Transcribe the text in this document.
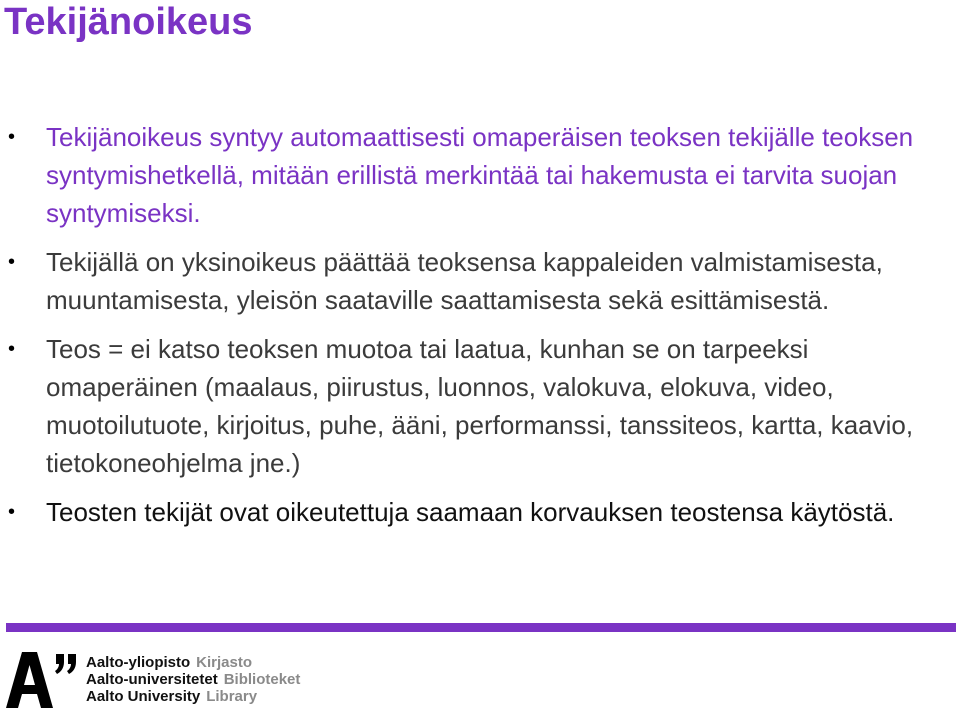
Tekijänoikeus
• Tekijänoikeus syntyy automaattisesti omaperäisen teoksen tekijälle teoksen syntymishetkellä, mitään erillistä merkintää tai hakemusta ei tarvita suojan syntymiseksi.
• Tekijällä on yksinoikeus päättää teoksensa kappaleiden valmistamisesta, muuntamisesta, yleisön saataville saattamisesta sekä esittämisestä.
• Teos = ei katso teoksen muotoa tai laatua, kunhan se on tarpeeksi omaperäinen (maalaus, piirustus, luonnos, valokuva, elokuva, video, muotoilutuote, kirjoitus, puhe, ääni, performanssi, tanssiteos, kartta, kaavio, tietokoneohjelma jne.)
• Teosten tekijät ovat oikeutettuja saamaan korvauksen teostensa käytöstä.
Aalto-yliopisto Kirjasto
Aalto-universitetet Biblioteket
Aalto University Library
